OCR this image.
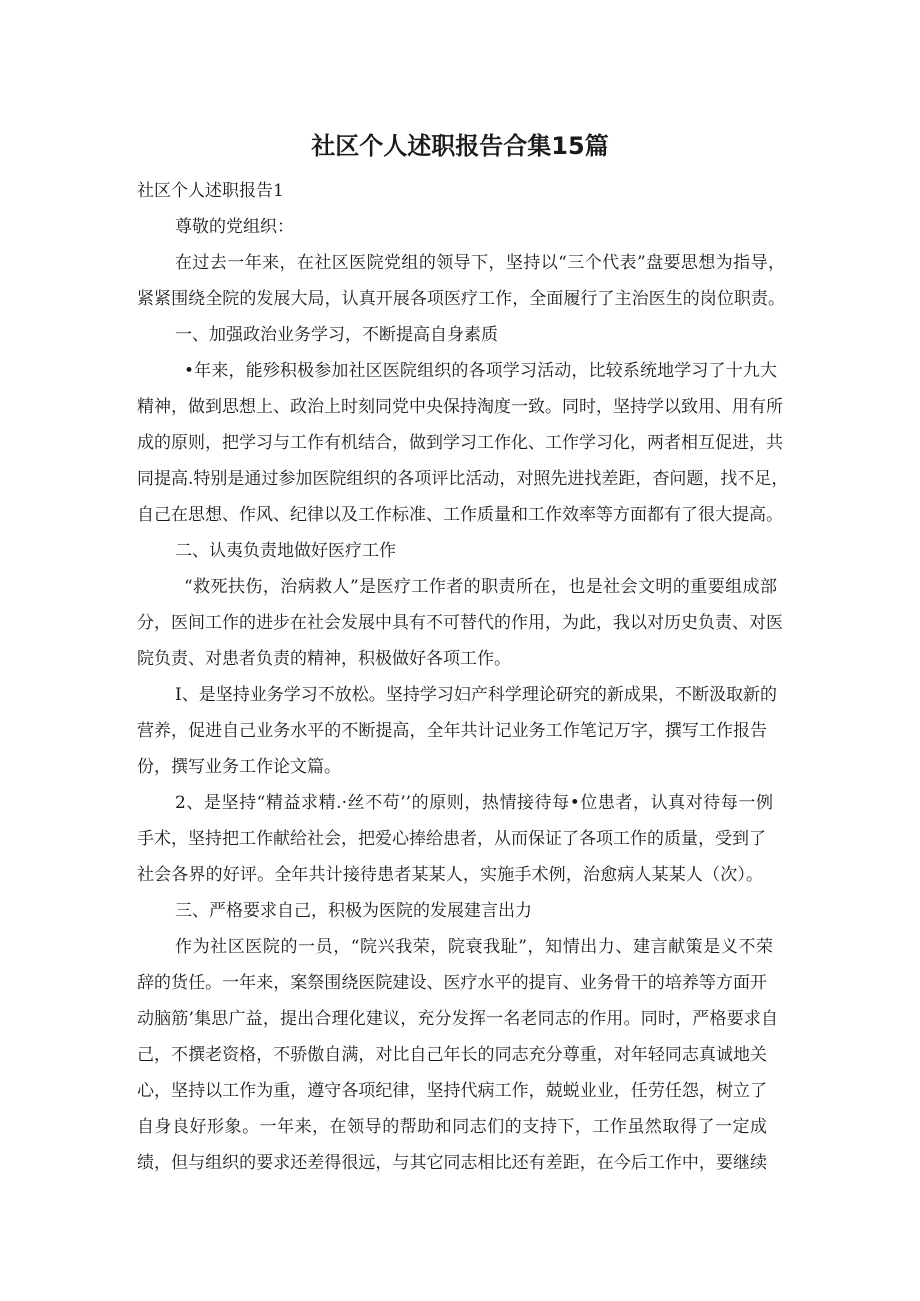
社区个人述职报告合集15篇

社区个人述职报告1

尊敬的党组织：

在过去一年来，在社区医院党组的领导下，坚持以“三个代表”盘要思想为指导，

紧紧围绕全院的发展大局，认真开展各项医疗工作，全面履行了主治医生的岗位职责。

一、加强政治业务学习，不断提高自身素质

•年来，能殄积极参加社区医院组织的各项学习活动，比较系统地学习了十九大

精神，做到思想上、政治上时刻同党中央保持淘度一致。同时，坚持学以致用、用有所

成的原则，把学习与工作有机结合，做到学习工作化、工作学习化，两者相互促进，共

同提高.特别是通过参加医院组织的各项评比活动，对照先进找差距，杳问题，找不足，

自己在思想、作风、纪律以及工作标准、工作质量和工作效率等方面都有了很大提高。

二、认夷负责地做好医疗工作

“救死扶伤，治病救人”是医疗工作者的职责所在，也是社会文明的重要组成部

分，医间工作的进步在社会发展中具有不可替代的作用，为此，我以对历史负责、对医

院负责、对患者负责的精神，积极做好各项工作。

I、是坚持业务学习不放松。坚持学习妇产科学理论研究的新成果，不断汲取新的

营养，促进自己业务水平的不断提高，全年共计记业务工作笔记万字，撰写工作报告

份，撰写业务工作论文篇。

2、是坚持“精益求精.·丝不苟’’的原则，热情接待每•位患者，认真对待每一例

手术，坚持把工作献给社会，把爱心捧给患者，从而保证了各项工作的质量，受到了

社会各界的好评。全年共计接待患者某某人，实施手术例，治愈病人某某人（次）。

三、严格要求自己，积极为医院的发展建言出力

作为社区医院的一员，“院兴我荣，院衰我耻”，知情出力、建言献策是义不荣

辞的货任。一年来，案祭围绕医院建设、医疗水平的提肓、业务骨干的培养等方面开

动脑筋’集思广益，提出合理化建议，充分发挥一名老同志的作用。同时，严格要求自

己，不撰老资格，不骄傲自满，对比自己年长的同志充分尊重，对年轻同志真诚地关

心，坚持以工作为重，遵守各项纪律，坚持代病工作，兢蜕业业，任劳任怨，树立了

自身良好形象。一年来，在领导的帮助和同志们的支持下，工作虽然取得了一定成

绩，但与组织的要求还差得很远，与其它同志相比还有差距，在今后工作中，要继续
